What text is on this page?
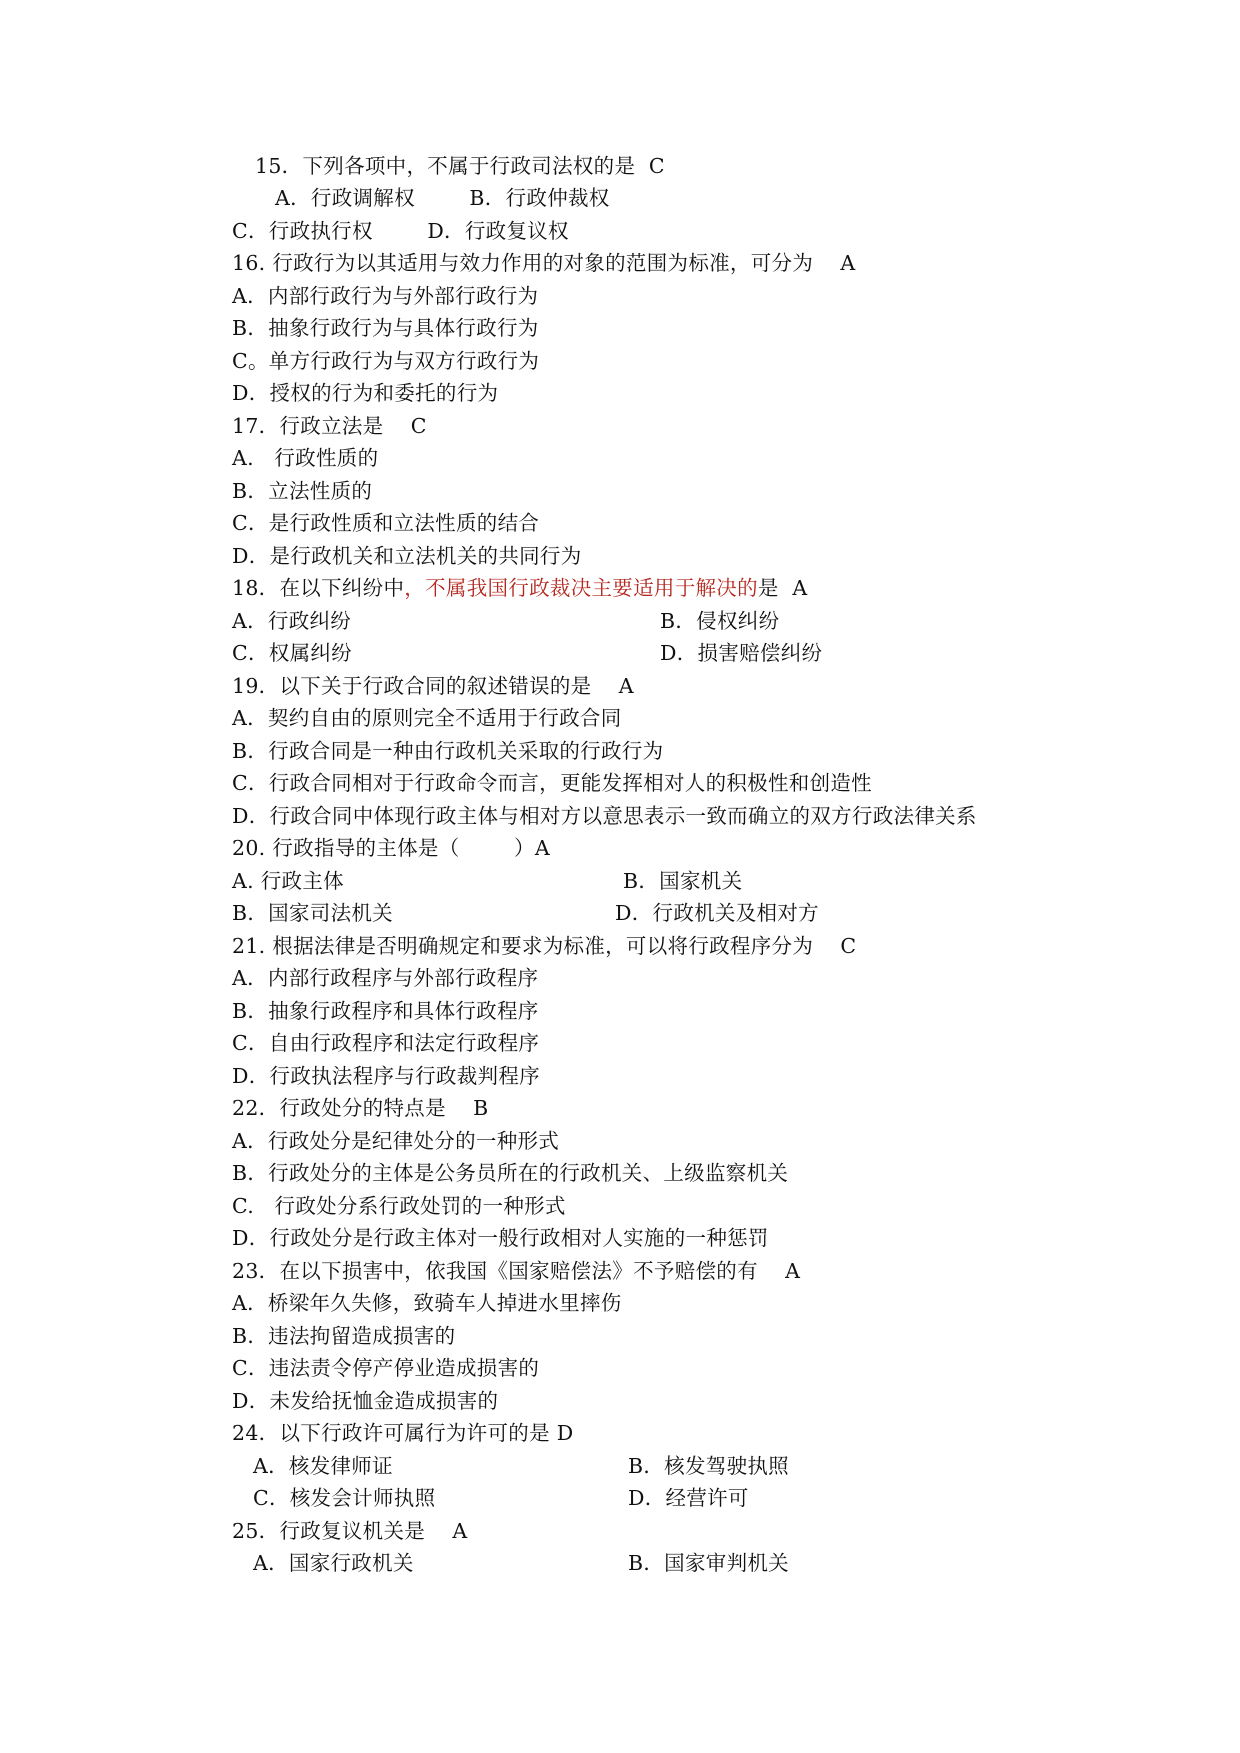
15．下列各项中，不属于行政司法权的是  C
A．行政调解权        B．行政仲裁权
C．行政执行权        D．行政复议权
16. 行政行为以其适用与效力作用的对象的范围为标准，可分为    A
A．内部行政行为与外部行政行为
B．抽象行政行为与具体行政行为
C。单方行政行为与双方行政行为
D．授权的行为和委托的行为
17．行政立法是    C
A.   行政性质的
B．立法性质的
C．是行政性质和立法性质的结合
D．是行政机关和立法机关的共同行为
18．在以下纠纷中，不属我国行政裁决主要适用于解决的是  A
A．行政纠纷	B．侵权纠纷
C．权属纠纷	D．损害赔偿纠纷
19．以下关于行政合同的叙述错误的是    A
A．契约自由的原则完全不适用于行政合同
B．行政合同是一种由行政机关采取的行政行为
C．行政合同相对于行政命令而言，更能发挥相对人的积极性和创造性
D．行政合同中体现行政主体与相对方以意思表示一致而确立的双方行政法律关系
20. 行政指导的主体是（        ）A
A. 行政主体	B．国家机关
B．国家司法机关	D．行政机关及相对方
21. 根据法律是否明确规定和要求为标准，可以将行政程序分为    C
A．内部行政程序与外部行政程序
B．抽象行政程序和具体行政程序
C．自由行政程序和法定行政程序
D．行政执法程序与行政裁判程序
22．行政处分的特点是    B
A．行政处分是纪律处分的一种形式
B．行政处分的主体是公务员所在的行政机关、上级监察机关
C.   行政处分系行政处罚的一种形式
D．行政处分是行政主体对一般行政相对人实施的一种惩罚
23．在以下损害中，依我国《国家赔偿法》不予赔偿的有    A
A．桥梁年久失修，致骑车人掉进水里摔伤
B．违法拘留造成损害的
C．违法责令停产停业造成损害的
D．未发给抚恤金造成损害的
24．以下行政许可属行为许可的是 D
A．核发律师证	B．核发驾驶执照
C．核发会计师执照	D．经营许可
25．行政复议机关是    A
A．国家行政机关	B．国家审判机关
